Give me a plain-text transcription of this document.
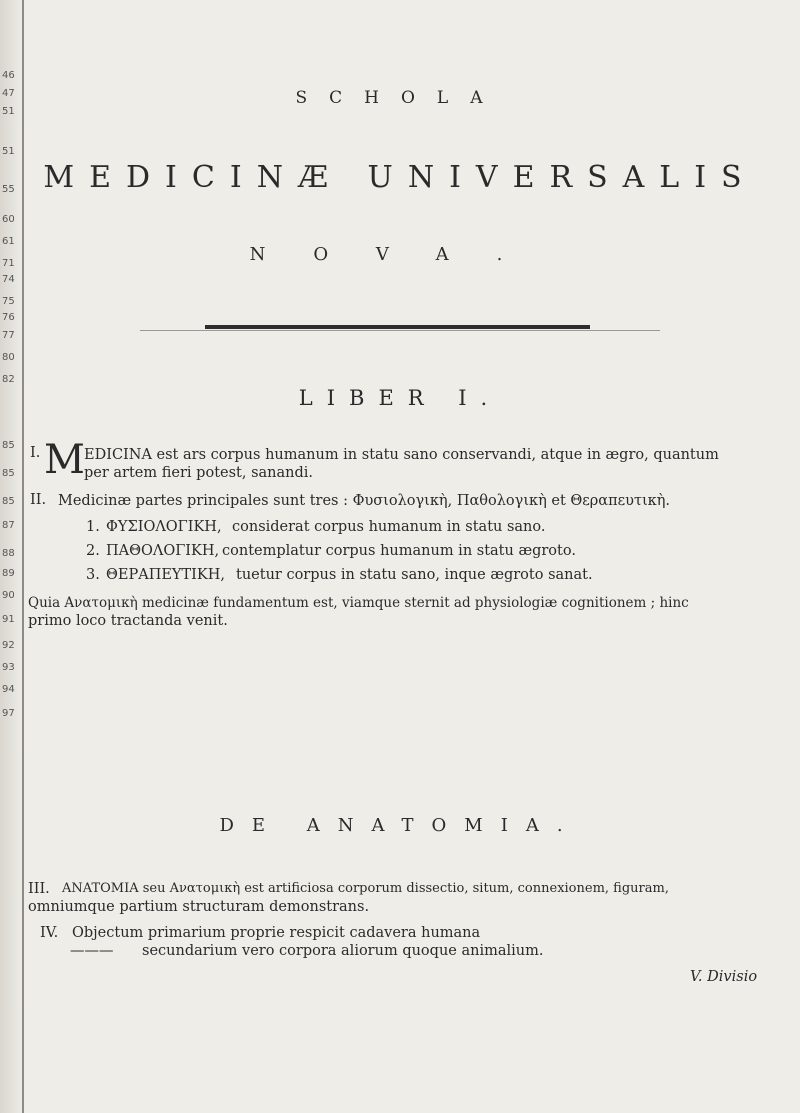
46
47
51
51
55
60
61
71
74
75
76
77
80
82
85
85
85
87
88
89
90
91
92
93
94
97
SCHOLA
MEDICINÆ UNIVERSALIS
NOVA.
LIBER I.
I. M EDICINA est ars corpus humanum in statu sano conservandi, atque in ægro, quantum
per artem fieri potest, sanandi.
II. Medicinæ partes principales sunt tres : Φυσιολογικὴ, Παθολογικὴ et Θεραπευτικὴ.
1. ΦΥΣΙΟΛΟΓΙΚΗ, considerat corpus humanum in statu sano.
2. ΠΑΘΟΛΟΓΙΚΗ, contemplatur corpus humanum in statu ægroto.
3. ΘΕΡΑΠΕΥΤΙΚΗ, tuetur corpus in statu sano, inque ægroto sanat.
Quia Ανατομικὴ medicinæ fundamentum est, viamque sternit ad physiologiæ cognitionem ; hinc
primo loco tractanda venit.
DE ANATOMIA.
III. ANATOMIA seu Ανατομικὴ est artificiosa corporum dissectio, situm, connexionem, figuram,
omniumque partium structuram demonstrans.
IV. Objectum primarium proprie respicit cadavera humana
——— secundarium vero corpora aliorum quoque animalium.
V. Divisio
